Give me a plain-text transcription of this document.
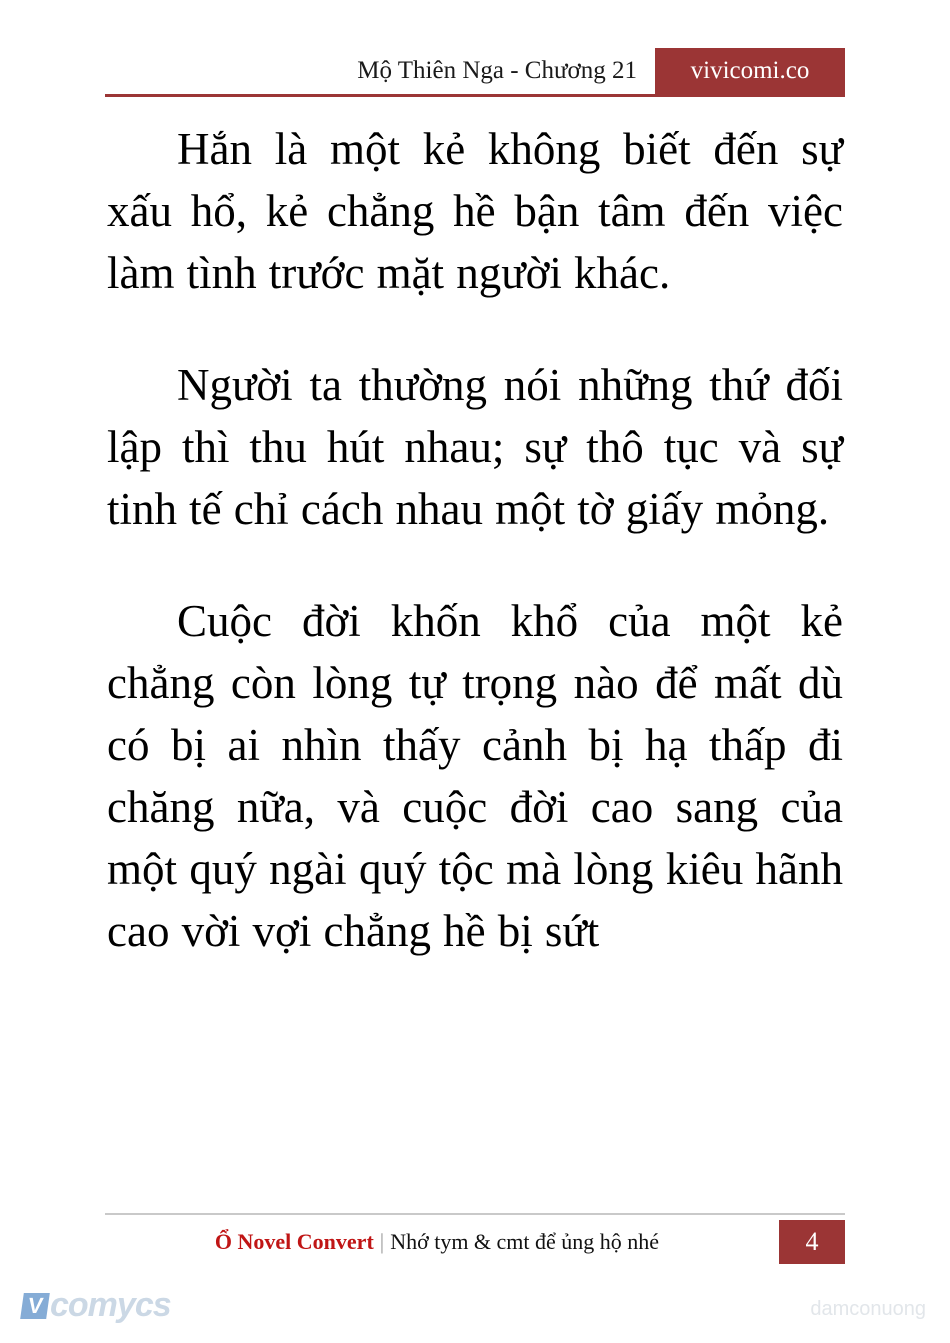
Mộ Thiên Nga - Chương 21	vivicomi.co

Hắn là một kẻ không biết đến sự xấu hổ, kẻ chẳng hề bận tâm đến việc làm tình trước mặt người khác.

Người ta thường nói những thứ đối lập thì thu hút nhau; sự thô tục và sự tinh tế chỉ cách nhau một tờ giấy mỏng.

Cuộc đời khốn khổ của một kẻ chẳng còn lòng tự trọng nào để mất dù có bị ai nhìn thấy cảnh bị hạ thấp đi chăng nữa, và cuộc đời cao sang của một quý ngài quý tộc mà lòng kiêu hãnh cao vời vợi chẳng hề bị sứt

Ổ Novel Convert | Nhớ tym & cmt để ủng hộ nhé	4
V comycs	damconuong
